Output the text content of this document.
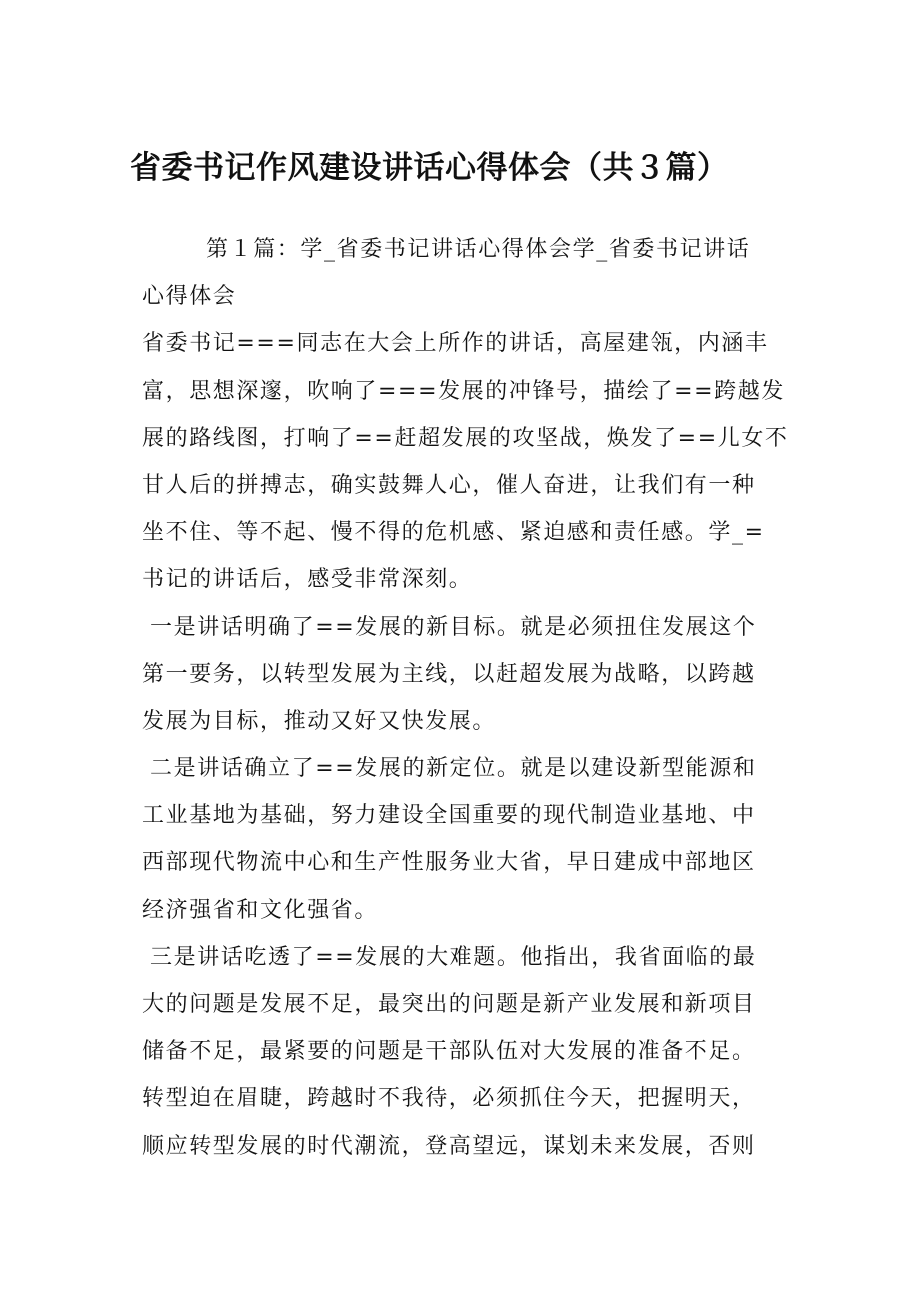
省委书记作风建设讲话心得体会（共３篇）
第１篇：学_省委书记讲话心得体会学_省委书记讲话
心得体会
省委书记===同志在大会上所作的讲话，高屋建瓴，内涵丰
富，思想深邃，吹响了===发展的冲锋号，描绘了==跨越发
展的路线图，打响了==赶超发展的攻坚战，焕发了==儿女不
甘人后的拼搏志，确实鼓舞人心，催人奋进，让我们有一种
坐不住、等不起、慢不得的危机感、紧迫感和责任感。学_=
书记的讲话后，感受非常深刻。
一是讲话明确了==发展的新目标。就是必须扭住发展这个
第一要务，以转型发展为主线，以赶超发展为战略，以跨越
发展为目标，推动又好又快发展。
二是讲话确立了==发展的新定位。就是以建设新型能源和
工业基地为基础，努力建设全国重要的现代制造业基地、中
西部现代物流中心和生产性服务业大省，早日建成中部地区
经济强省和文化强省。
三是讲话吃透了==发展的大难题。他指出，我省面临的最
大的问题是发展不足，最突出的问题是新产业发展和新项目
储备不足，最紧要的问题是干部队伍对大发展的准备不足。
转型迫在眉睫，跨越时不我待，必须抓住今天，把握明天，
顺应转型发展的时代潮流，登高望远，谋划未来发展，否则
